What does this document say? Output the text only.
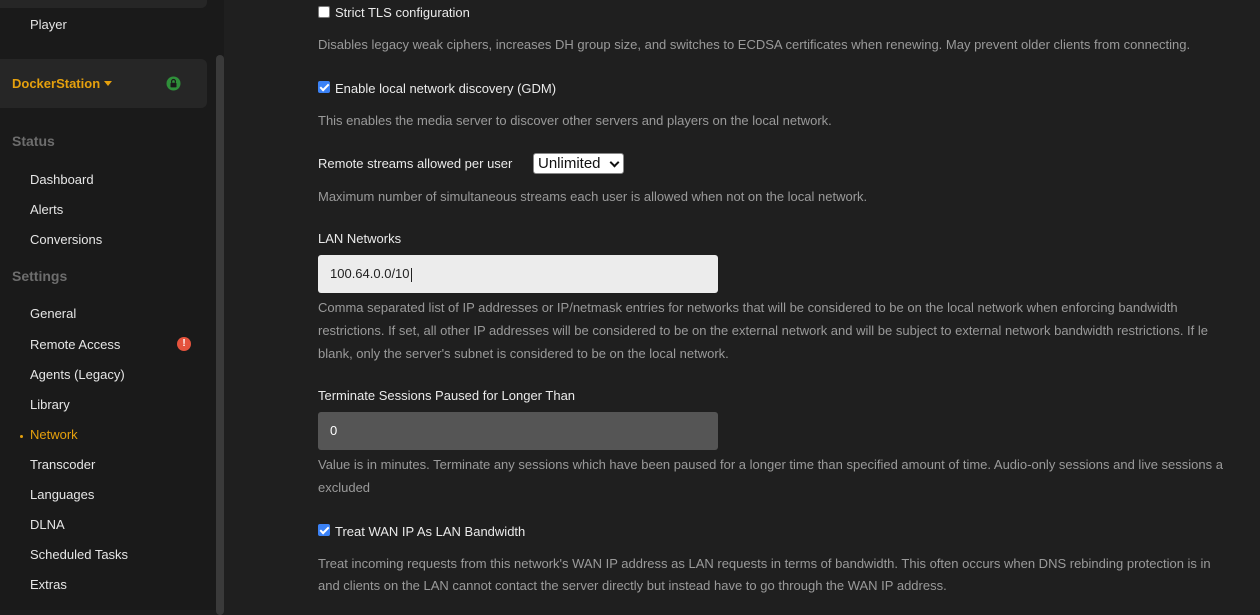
Player
DockerStation
Status
Dashboard
Alerts
Conversions
Settings
General
Remote Access	!
Agents (Legacy)
Library
Network
Transcoder
Languages
DLNA
Scheduled Tasks
Extras
Strict TLS configuration
Disables legacy weak ciphers, increases DH group size, and switches to ECDSA certificates when renewing. May prevent older clients from connecting.
Enable local network discovery (GDM)
This enables the media server to discover other servers and players on the local network.
Remote streams allowed per user	Unlimited
Maximum number of simultaneous streams each user is allowed when not on the local network.
LAN Networks
100.64.0.0/10
Comma separated list of IP addresses or IP/netmask entries for networks that will be considered to be on the local network when enforcing bandwidth
restrictions. If set, all other IP addresses will be considered to be on the external network and will be subject to external network bandwidth restrictions. If le
blank, only the server's subnet is considered to be on the local network.
Terminate Sessions Paused for Longer Than
0
Value is in minutes. Terminate any sessions which have been paused for a longer time than specified amount of time. Audio-only sessions and live sessions a
excluded
Treat WAN IP As LAN Bandwidth
Treat incoming requests from this network's WAN IP address as LAN requests in terms of bandwidth. This often occurs when DNS rebinding protection is in
and clients on the LAN cannot contact the server directly but instead have to go through the WAN IP address.
